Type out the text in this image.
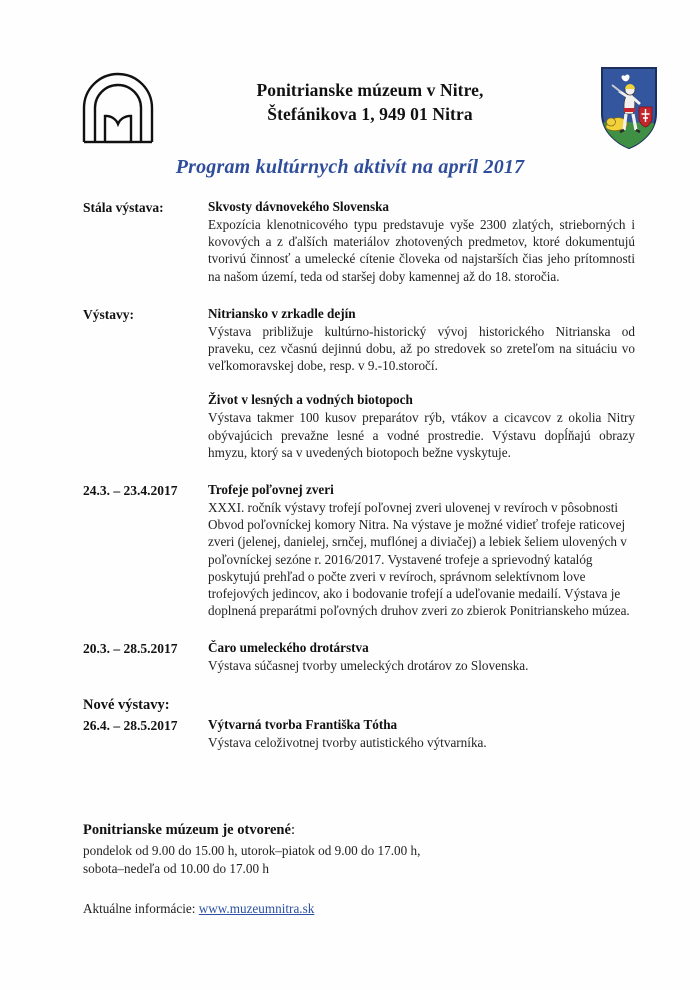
Ponitrianske múzeum v Nitre,
Štefánikova 1, 949 01 Nitra
Program kultúrnych aktivít na apríl 2017
Stála výstava:	Skvosty dávnovekého Slovenska
Expozícia klenotnicového typu predstavuje vyše 2300 zlatých, strieborných i kovových a z ďalších materiálov zhotovených predmetov, ktoré dokumentujú tvorivú činnosť a umelecké cítenie človeka od najstarších čias jeho prítomnosti na našom území, teda od staršej doby kamennej až do 18. storočia.
Výstavy:	Nitriansko v zrkadle dejín
Výstava približuje kultúrno-historický vývoj historického Nitrianska od praveku, cez včasnú dejinnú dobu, až po stredovek so zreteľom na situáciu vo veľkomoravskej dobe, resp. v 9.-10.storočí.
Život v lesných a vodných biotopoch
Výstava takmer 100 kusov preparátov rýb, vtákov a cicavcov z okolia Nitry obývajúcich prevažne lesné a vodné prostredie. Výstavu dopĺňajú obrazy hmyzu, ktorý sa v uvedených biotopoch bežne vyskytuje.
24.3. – 23.4.2017	Trofeje poľovnej zveri
XXXI. ročník výstavy trofejí poľovnej zveri ulovenej v revíroch v pôsobnosti Obvod poľovníckej komory Nitra. Na výstave je možné vidieť trofeje raticovej zveri (jelenej, danielej, srnčej, muflónej a diviačej) a lebiek šeliem ulovených v poľovníckej sezóne r. 2016/2017. Vystavené trofeje a sprievodný katalóg poskytujú prehľad o počte zveri v revíroch, správnom selektívnom love trofejových jedincov, ako i bodovanie trofejí a udeľovanie medailí. Výstava je doplnená preparátmi poľovných druhov zveri zo zbierok Ponitrianskeho múzea.
20.3. – 28.5.2017	Čaro umeleckého drotárstva
Výstava súčasnej tvorby umeleckých drotárov zo Slovenska.
Nové výstavy:
26.4. – 28.5.2017	Výtvarná tvorba Františka Tótha
Výstava celoživotnej tvorby autistického výtvarníka.
Ponitrianske múzeum je otvorené:
pondelok od 9.00 do 15.00 h, utorok–piatok od 9.00 do 17.00 h,
sobota–nedeľa od 10.00 do 17.00 h
Aktuálne informácie: www.muzeumnitra.sk
